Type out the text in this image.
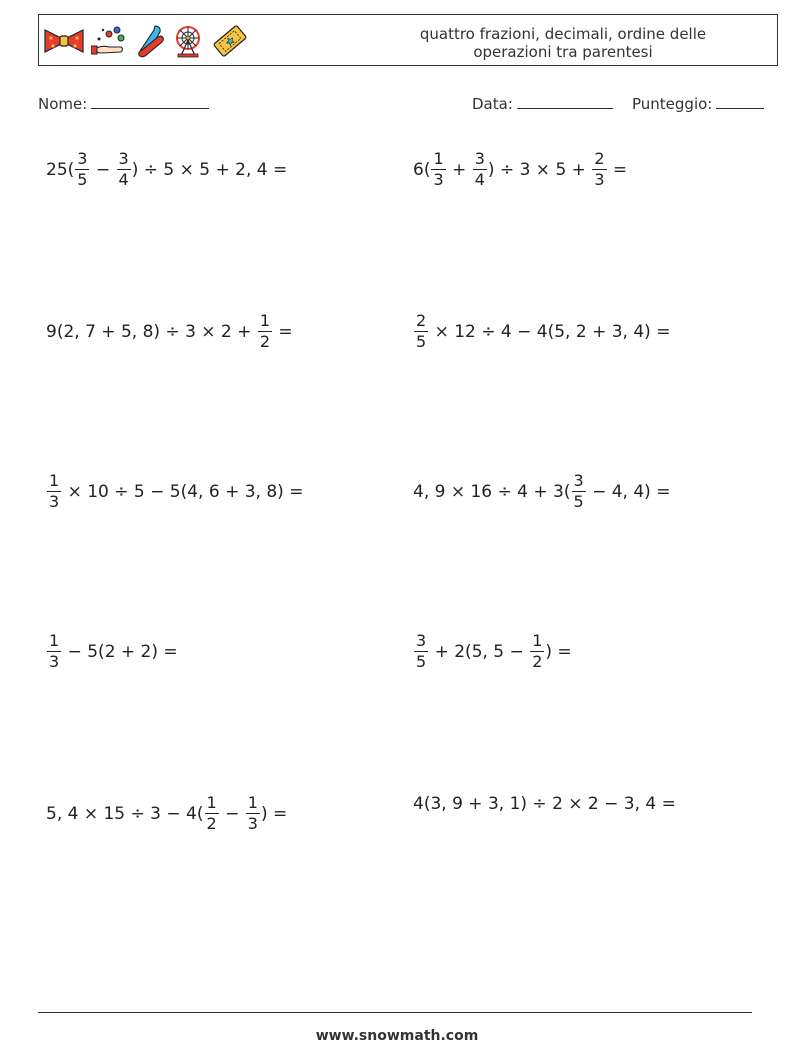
quattro frazioni, decimali, ordine delle
operazioni tra parentesi
Nome:	Data:	Punteggio:
$25( \frac{3}{5} - \frac{3}{4}$ ) ÷ 5 × 5 + 2, 4 =	$6( \frac{1}{3} + \frac{3}{4}$ ) ÷ $3 \times 5 + \frac{2}{3}$ =
9(2, 7 + 5, $8) \div 3 \times 2 + \frac{1}{2}$ =	$\frac{2}{5} \times 12 \div 4 - 4(5$, 2 + 3, 4) =
$\frac{1}{3} \times 10 \div 5 - 5(4$, 6 + 3, 8) =	4, $9 \times 16 \div 4 + 3( \frac{3}{5} - 4$, 4) =
$\frac{1}{3} - 5(2 + 2)$ =	$\frac{3}{5} + 2(5$, $5 - \frac{1}{2}$ ) =
5, $4 \times 15 \div 3 - 4( \frac{1}{2} - \frac{1}{3}$ ) =	4(3, 9 + 3, 1) ÷ 2 × 2 − 3, 4 =
www.snowmath.com
